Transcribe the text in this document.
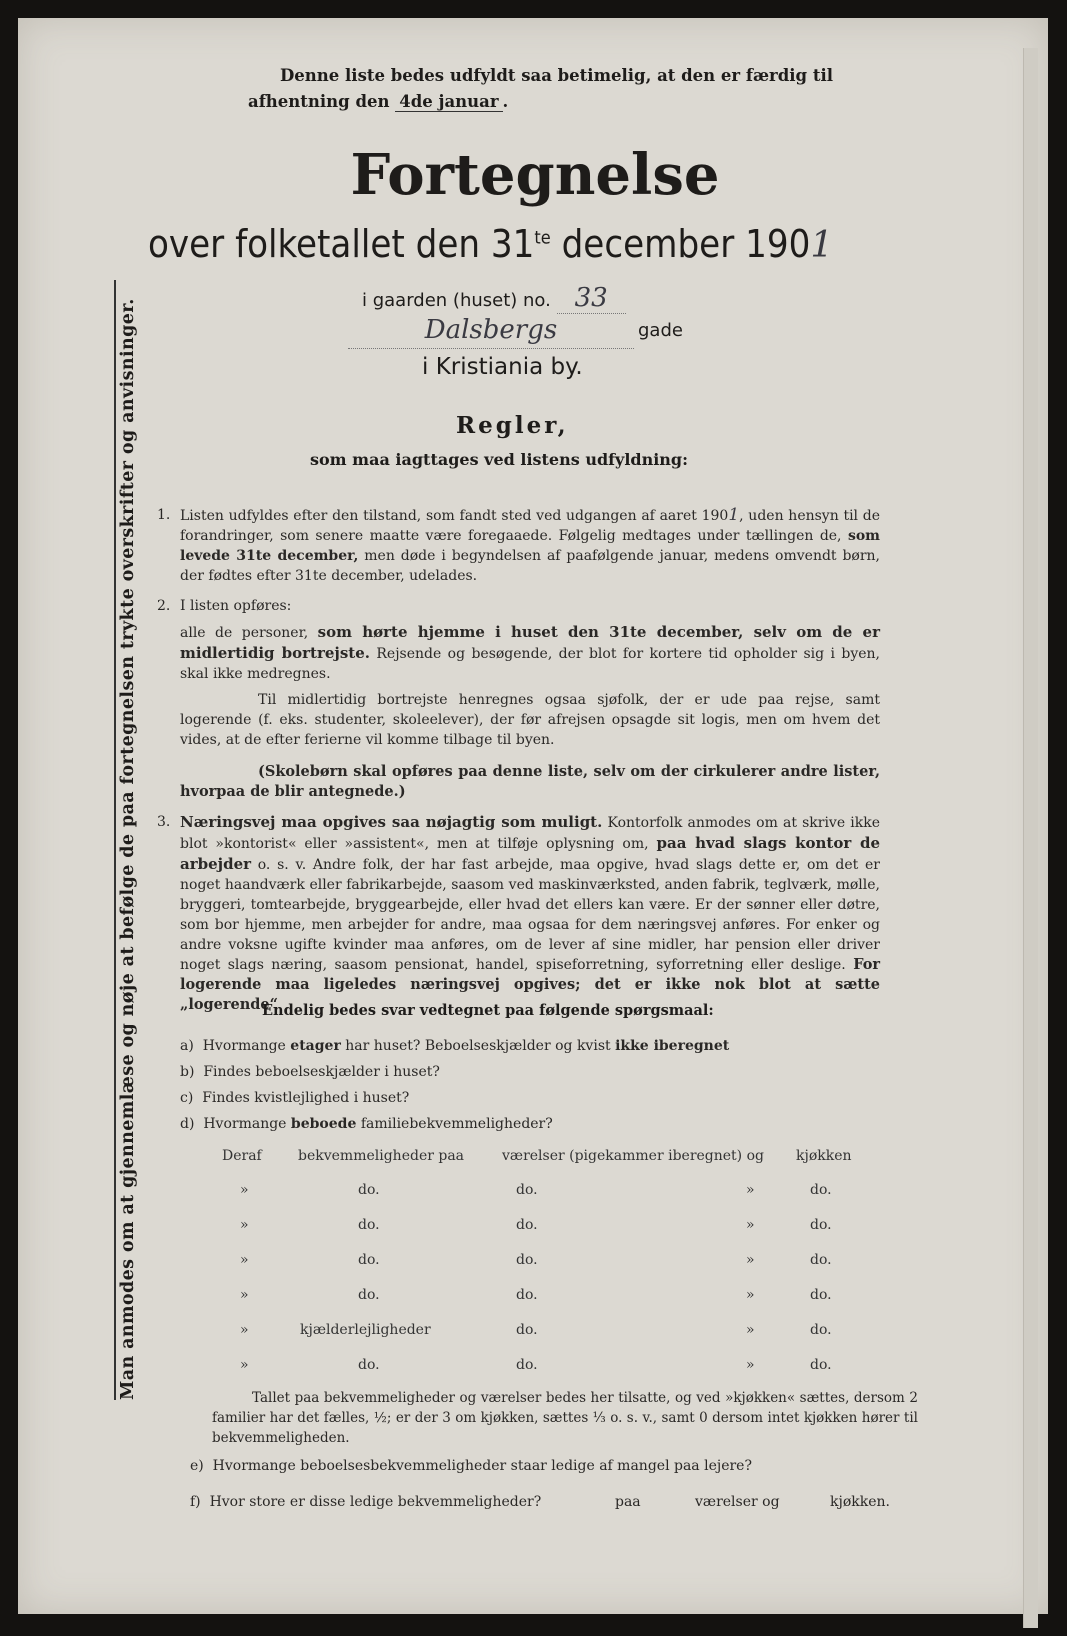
Man anmodes om at gjennemlæse og nøje at befølge de paa fortegnelsen trykte overskrifter og anvisninger.
Denne liste bedes udfyldt saa betimelig, at den er færdig til
afhentning den 4de januar .
Fortegnelse
over folketallet den $31^{te}$ december 1901
i gaarden (huset) no. 33
Dalsbergs	gade
i Kristiania by.
Regler,
som maa iagttages ved listens udfyldning:
1. Listen udfyldes efter den tilstand, som fandt sted ved udgangen af aaret 1901, uden hensyn til de forandringer, som senere maatte være foregaaede. Følgelig medtages under tællingen de, som levede 31te december, men døde i begyndelsen af paafølgende januar, medens omvendt børn, der fødtes efter 31te december, udelades.
2. I listen opføres:
alle de personer, som hørte hjemme i huset den 31te december, selv om de er midlertidig bortrejste. Rejsende og besøgende, der blot for kortere tid opholder sig i byen, skal ikke medregnes.
Til midlertidig bortrejste henregnes ogsaa sjøfolk, der er ude paa rejse, samt logerende (f. eks. studenter, skoleelever), der før afrejsen opsagde sit logis, men om hvem det vides, at de efter ferierne vil komme tilbage til byen.
(Skolebørn skal opføres paa denne liste, selv om der cirkulerer andre lister, hvorpaa de blir antegnede.)
3. Næringsvej maa opgives saa nøjagtig som muligt. Kontorfolk anmodes om at skrive ikke blot »kontorist« eller »assistent«, men at tilføje oplysning om, paa hvad slags kontor de arbejder o. s. v. Andre folk, der har fast arbejde, maa opgive, hvad slags dette er, om det er noget haandværk eller fabrikarbejde, saasom ved maskinværksted, anden fabrik, teglværk, mølle, bryggeri, tomtearbejde, bryggearbejde, eller hvad det ellers kan være. Er der sønner eller døtre, som bor hjemme, men arbejder for andre, maa ogsaa for dem næringsvej anføres. For enker og andre voksne ugifte kvinder maa anføres, om de lever af sine midler, har pension eller driver noget slags næring, saasom pensionat, handel, spiseforretning, syforretning eller deslige. For logerende maa ligeledes næringsvej opgives; det er ikke nok blot at sætte „logerende“
Endelig bedes svar vedtegnet paa følgende spørgsmaal:
a) Hvormange etager har huset? Beboelseskjælder og kvist ikke iberegnet
b) Findes beboelseskjælder i huset?
c) Findes kvistlejlighed i huset?
d) Hvormange beboede familiebekvemmeligheder?
Deraf	bekvemmeligheder paa	værelser (pigekammer iberegnet) og kjøkken
»	do.	do.	»	do.
»	do.	do.	»	do.
»	do.	do.	»	do.
»	do.	do.	»	do.
»	kjælderlejligheder	do.	»	do.
»	do.	do.	»	do.
Tallet paa bekvemmeligheder og værelser bedes her tilsatte, og ved »kjøkken« sættes, dersom 2 familier har det fælles, ½; er der 3 om kjøkken, sættes ⅓ o. s. v., samt 0 dersom intet kjøkken hører til bekvemmeligheden.
e) Hvormange beboelsesbekvemmeligheder staar ledige af mangel paa lejere?
f) Hvor store er disse ledige bekvemmeligheder?	paa	værelser og	kjøkken.
